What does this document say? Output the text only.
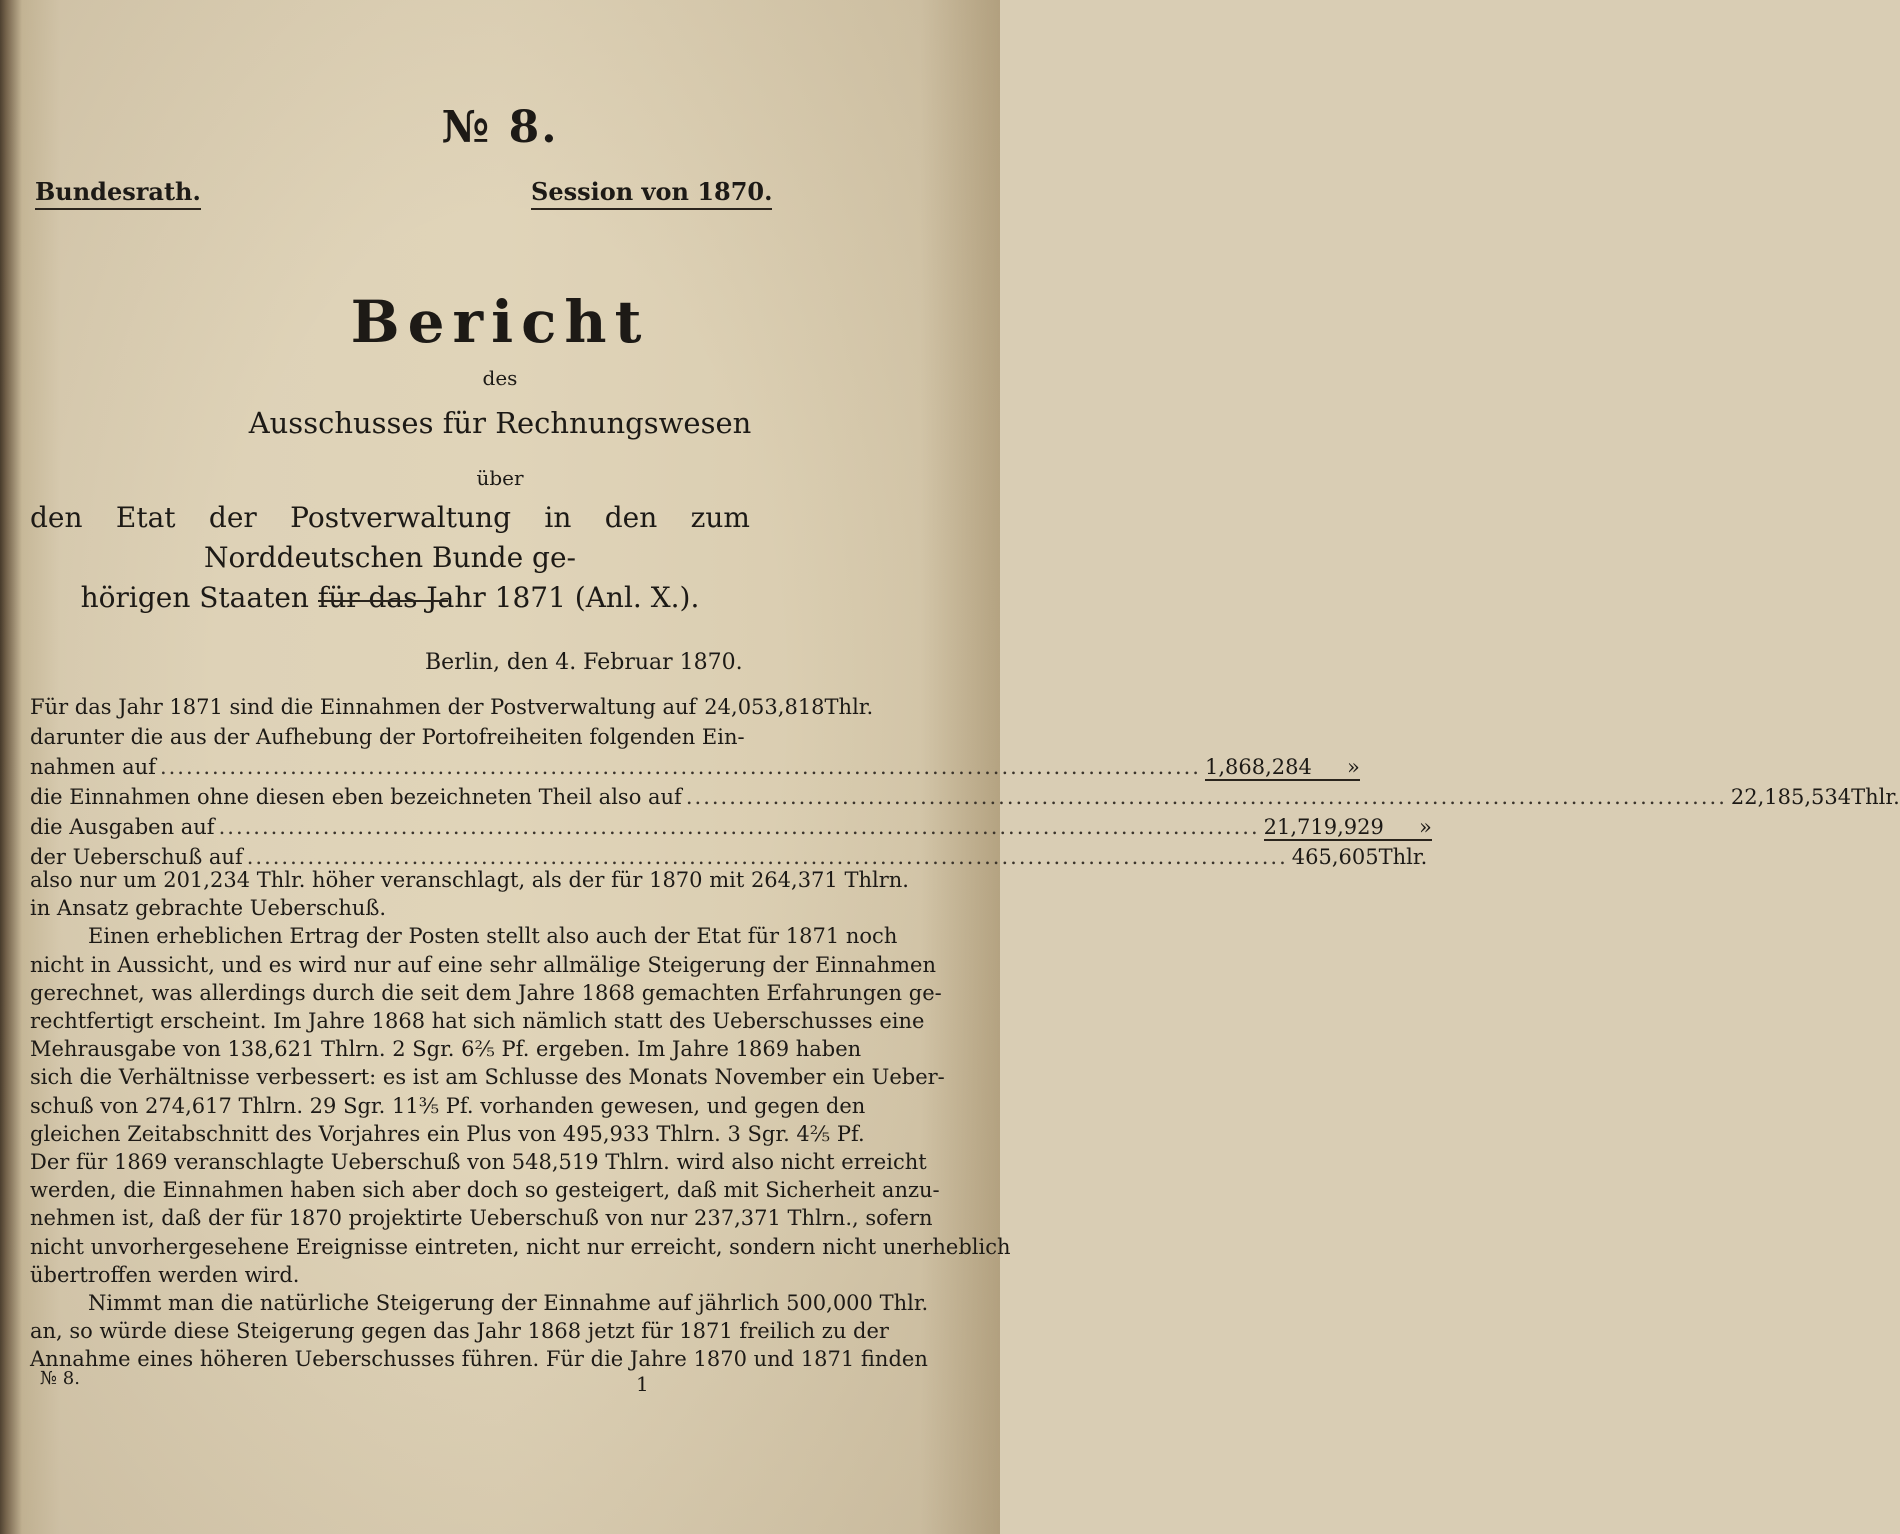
№ 8.
Bundesrath.	Session von 1870.
Bericht
des
Ausschusses für Rechnungswesen
über
den Etat der Postverwaltung in den zum Norddeutschen Bunde ge-
hörigen Staaten für das Jahr 1871 (Anl. X.).
Berlin, den 4. Februar 1870.
Für das Jahr 1871 sind die Einnahmen der Postverwaltung auf 24,053,818 Thlr.
darunter die aus der Aufhebung der Portofreiheiten folgenden Ein-
nahmen auf ........................................................................................................................ 1,868,284	»
die Einnahmen ohne diesen eben bezeichneten Theil also auf ........................................................................................................................ 22,185,534 Thlr.
die Ausgaben auf ........................................................................................................................ 21,719,929	»
der Ueberschuß auf ........................................................................................................................ 465,605 Thlr.
also nur um 201,234 Thlr. höher veranschlagt, als der für 1870 mit 264,371 Thlrn.
in Ansatz gebrachte Ueberschuß.
Einen erheblichen Ertrag der Posten stellt also auch der Etat für 1871 noch
nicht in Aussicht, und es wird nur auf eine sehr allmälige Steigerung der Einnahmen
gerechnet, was allerdings durch die seit dem Jahre 1868 gemachten Erfahrungen ge-
rechtfertigt erscheint. Im Jahre 1868 hat sich nämlich statt des Ueberschusses eine
Mehrausgabe von 138,621 Thlrn. 2 Sgr. 6⅖ Pf. ergeben. Im Jahre 1869 haben
sich die Verhältnisse verbessert: es ist am Schlusse des Monats November ein Ueber-
schuß von 274,617 Thlrn. 29 Sgr. 11⅗ Pf. vorhanden gewesen, und gegen den
gleichen Zeitabschnitt des Vorjahres ein Plus von 495,933 Thlrn. 3 Sgr. 4⅖ Pf.
Der für 1869 veranschlagte Ueberschuß von 548,519 Thlrn. wird also nicht erreicht
werden, die Einnahmen haben sich aber doch so gesteigert, daß mit Sicherheit anzu-
nehmen ist, daß der für 1870 projektirte Ueberschuß von nur 237,371 Thlrn., sofern
nicht unvorhergesehene Ereignisse eintreten, nicht nur erreicht, sondern nicht unerheblich
übertroffen werden wird.
Nimmt man die natürliche Steigerung der Einnahme auf jährlich 500,000 Thlr.
an, so würde diese Steigerung gegen das Jahr 1868 jetzt für 1871 freilich zu der
Annahme eines höheren Ueberschusses führen. Für die Jahre 1870 und 1871 finden
№ 8.	1
